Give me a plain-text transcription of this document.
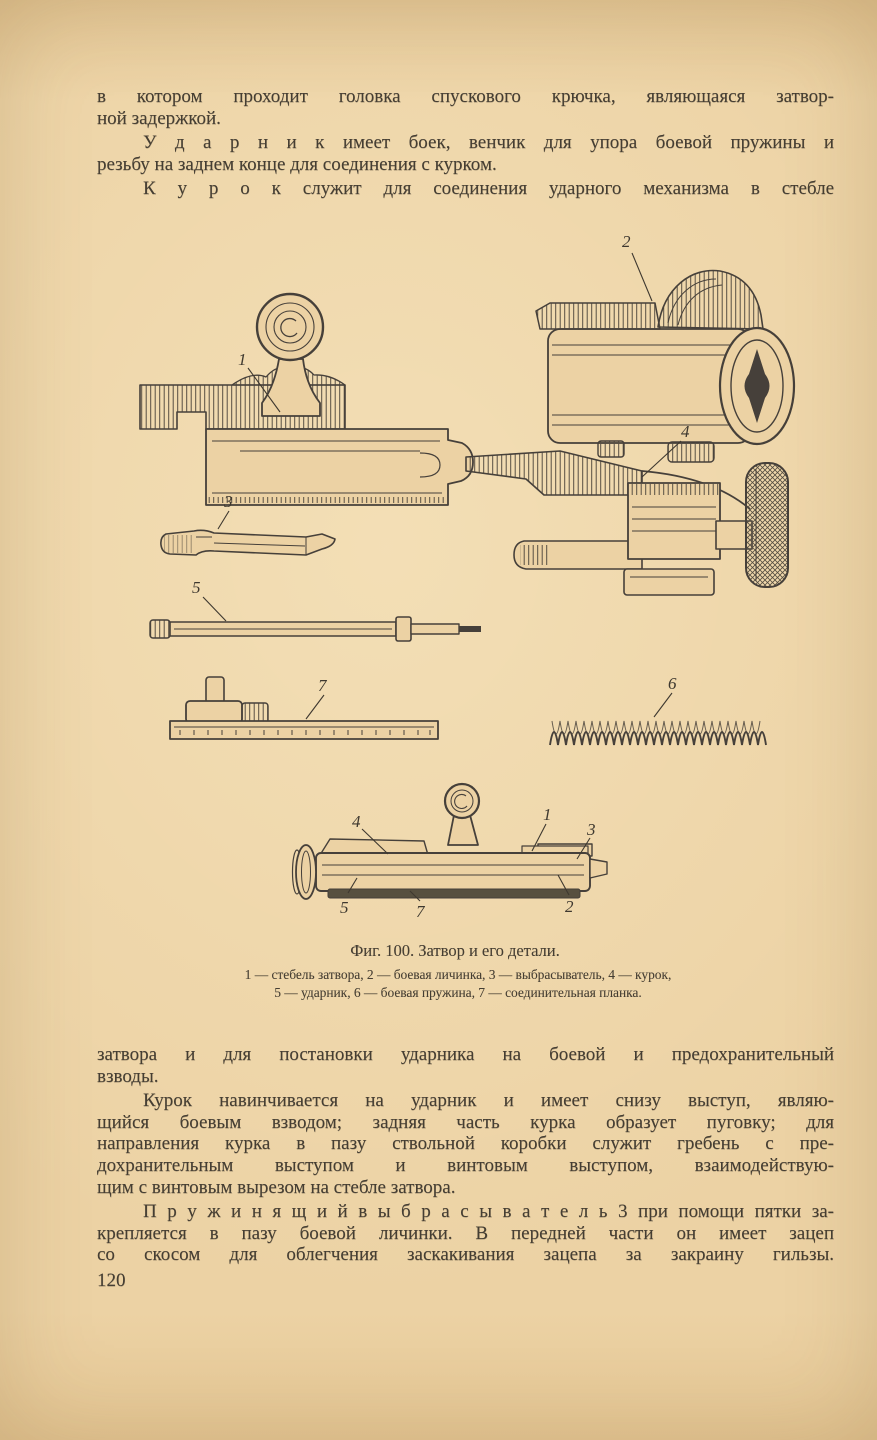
в котором проходит головка спускового крючка, являющаяся затвор-
ной задержкой.
У д а р н и к имеет боек, венчик для упора боевой пружины и
резьбу на заднем конце для соединения с курком.
К у р о к служит для соединения ударного механизма в стебле
1
2
4
3
5
7	6
4	1
3
5	7	2
Фиг. 100. Затвор и его детали.
1 — стебель затвора, 2 — боевая личинка, 3 — выбрасыватель, 4 — курок,
5 — ударник, 6 — боевая пружина, 7 — соединительная планка.
затвора и для постановки ударника на боевой и предохранительный
взводы.
Курок навинчивается на ударник и имеет снизу выступ, являю-
щийся боевым взводом; задняя часть курка образует пуговку; для
направления курка в пазу ствольной коробки служит гребень с пре-
дохранительным выступом и винтовым выступом, взаимодействую-
щим с винтовым вырезом на стебле затвора.
П р у ж и н я щ и й в ы б р а с ы в а т е л ь 3 при помощи пятки за-
крепляется в пазу боевой личинки. В передней части он имеет зацеп
со скосом для облегчения заскакивания зацепа за закраину гильзы.
120
